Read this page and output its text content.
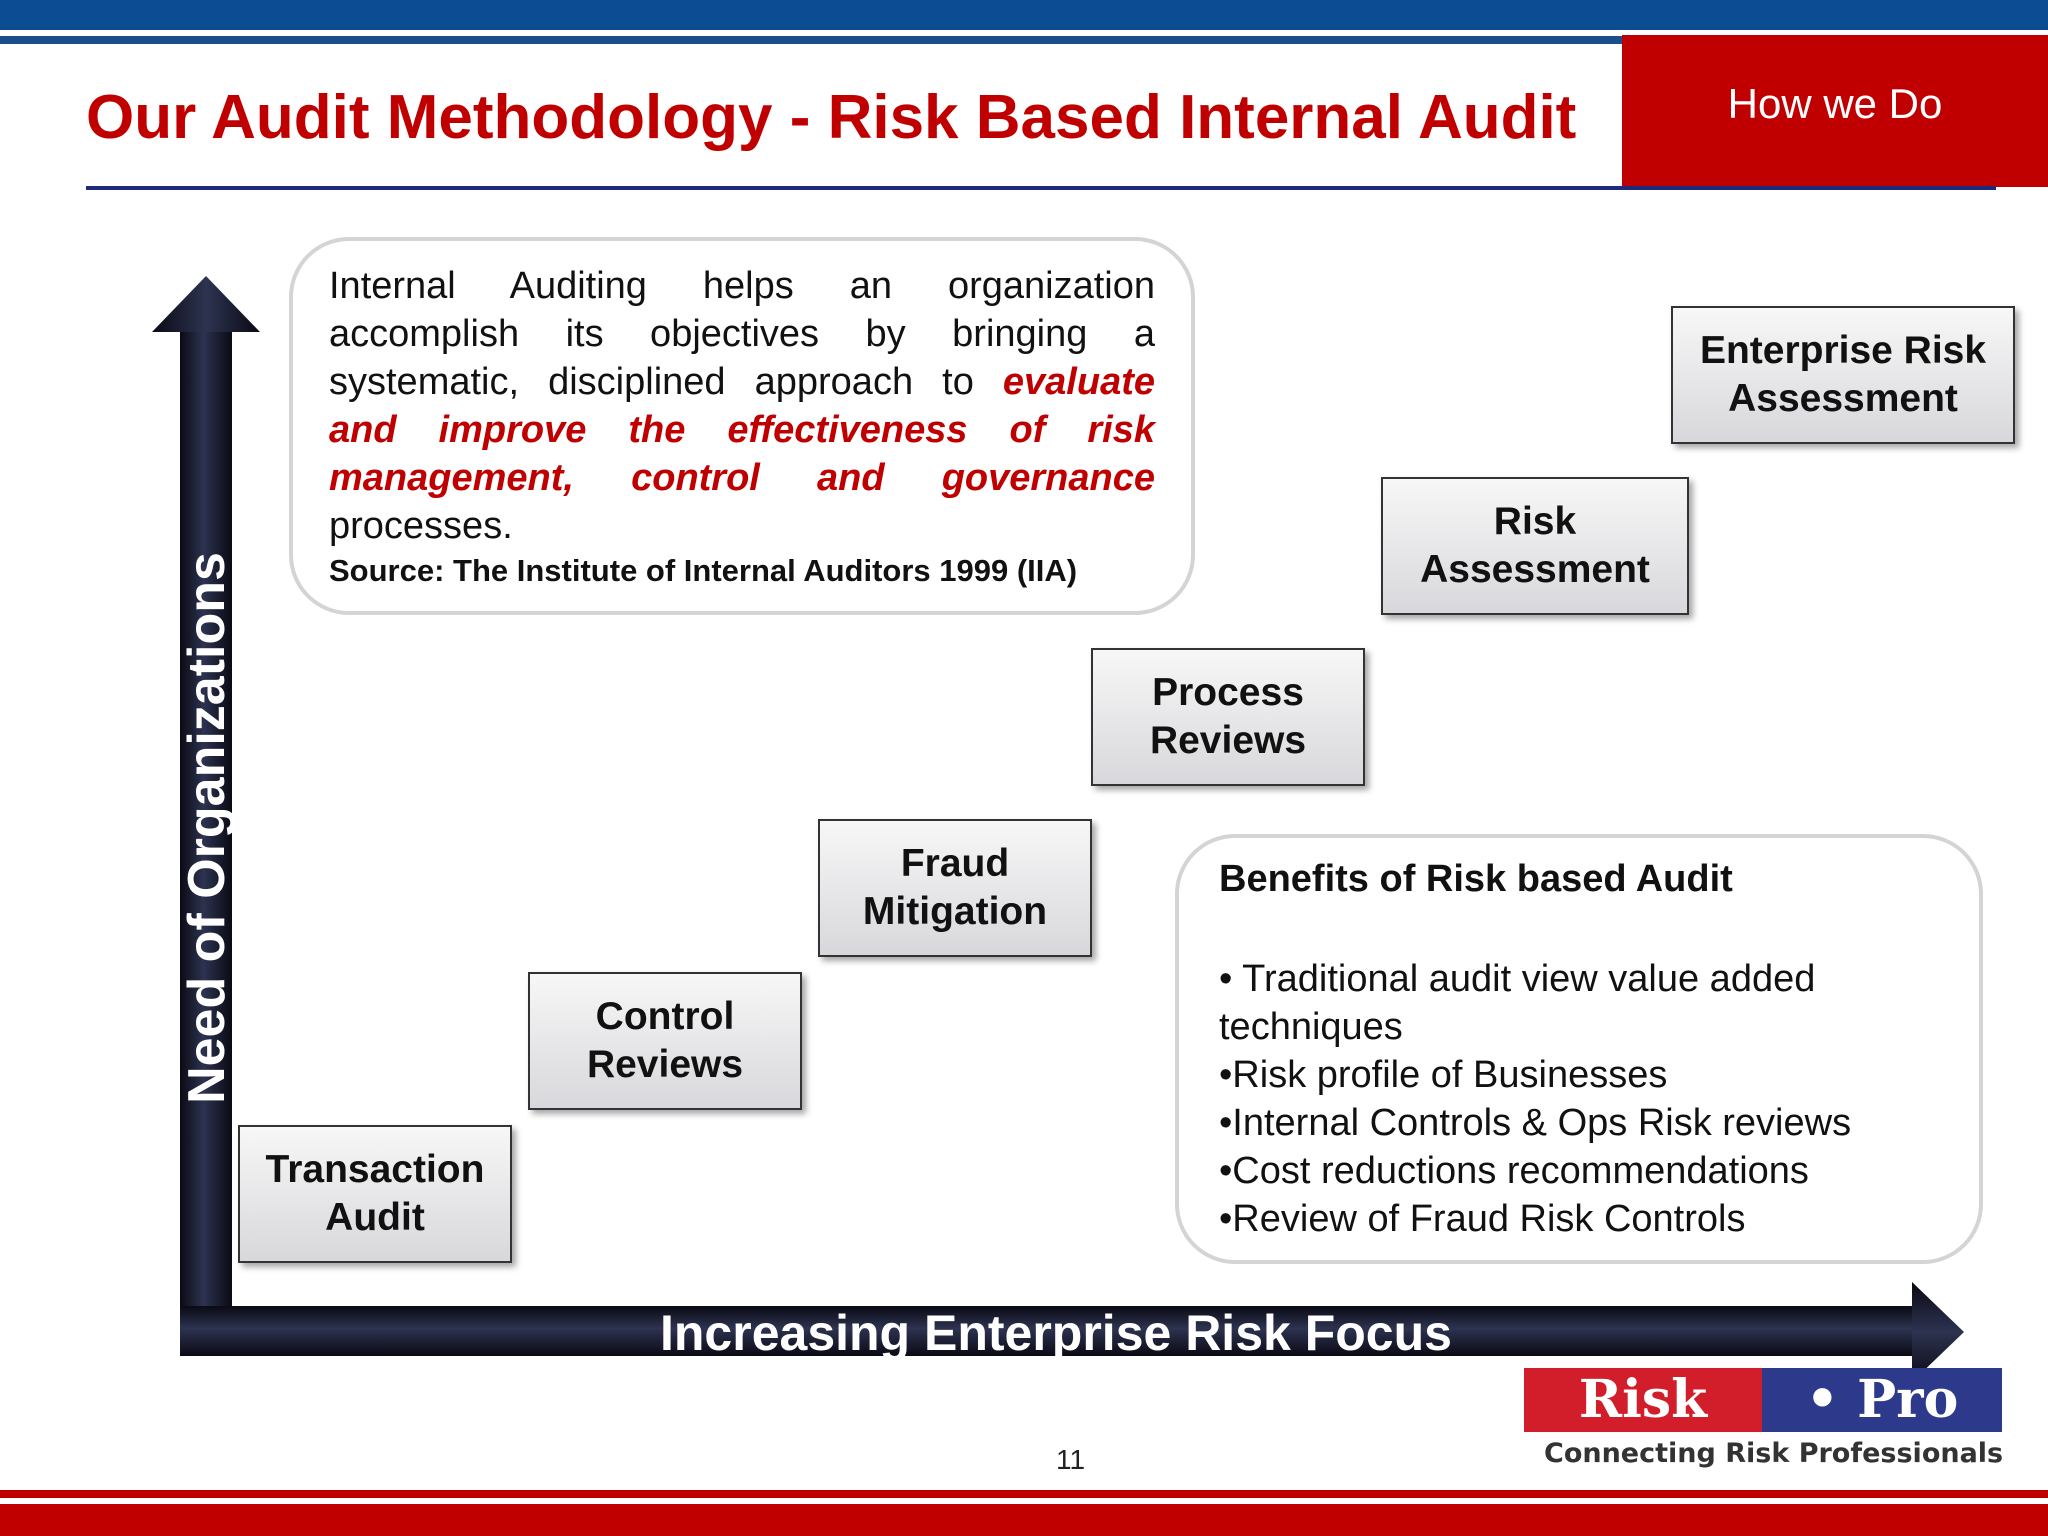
How we Do
Our Audit Methodology - Risk Based Internal Audit
Internal Auditing helps an organization accomplish its objectives by bringing a systematic, disciplined approach to evaluate and improve the effectiveness of risk management, control and governance processes.
Source: The Institute of Internal Auditors 1999 (IIA)
Need of Organizations
Increasing Enterprise Risk Focus
Transaction Audit
Control Reviews
Fraud Mitigation
Process Reviews
Risk Assessment
Enterprise Risk Assessment
Benefits of Risk based Audit
• Traditional audit view value added techniques
•Risk profile of Businesses
•Internal Controls & Ops Risk reviews
•Cost reductions recommendations
•Review of Fraud Risk Controls
11
Risk	• Pro
Connecting Risk Professionals
